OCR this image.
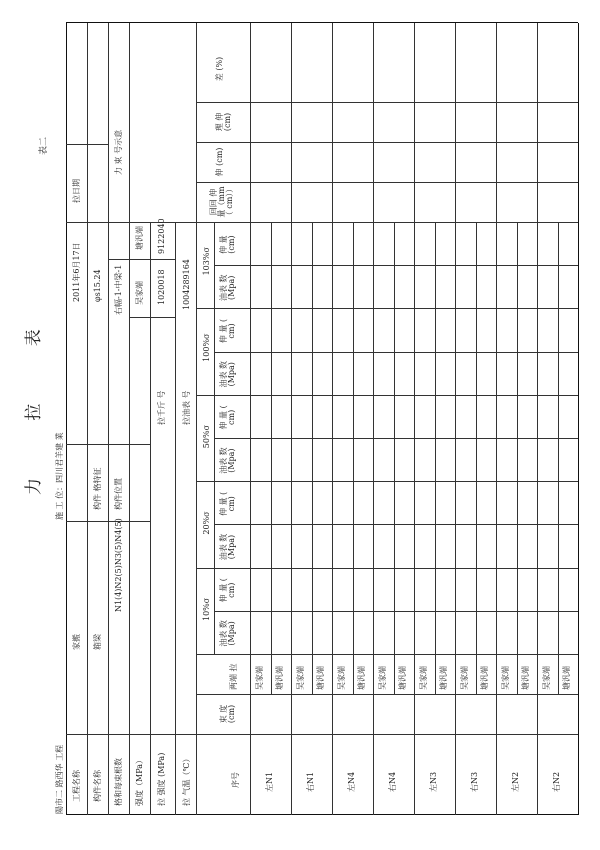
力 拉 表
表二
陽市二 路西华 工程
施 工 位：四川君羊建 業
工程名称
家搬
2011年6月17日
拉日期
构件名称
箱梁
构件 格特征
φs15.24
力 束 号示意
格和每束根数
N1(4)N2(5)N3(5)N4(5)
构件位置
右幅-1-中梁-1
强度（MPa）
吴家端
塘汎端
拉 强度 (MPa)
拉千斤 号
1020018
9122040
拉 气温（℃）
拉油表 号
1004289164
序号
束 度 (cm)
两端 拉
回回 伸 量（mm （ cm））
伸 (cm)
理 伸 (cm)
差 (%)
10%σ
油表 数 (Mpa)
伸 量 ( cm)
20%σ
油表 数 (Mpa)
伸 量 ( cm)
50%σ
油表 数 (Mpa)
伸 量 ( cm)
100%σ
油表 数 (Mpa)
伸 量 ( cm)
103%σ
油表 数 (Mpa)
伸 量 (cm)
左N1
吴家端 塘汎端
右N1
吴家端 塘汎端
左N4
吴家端 塘汎端
右N4
吴家端 塘汎端
左N3
吴家端 塘汎端
右N3
吴家端 塘汎端
左N2
吴家端 塘汎端
右N2
吴家端 塘汎端
